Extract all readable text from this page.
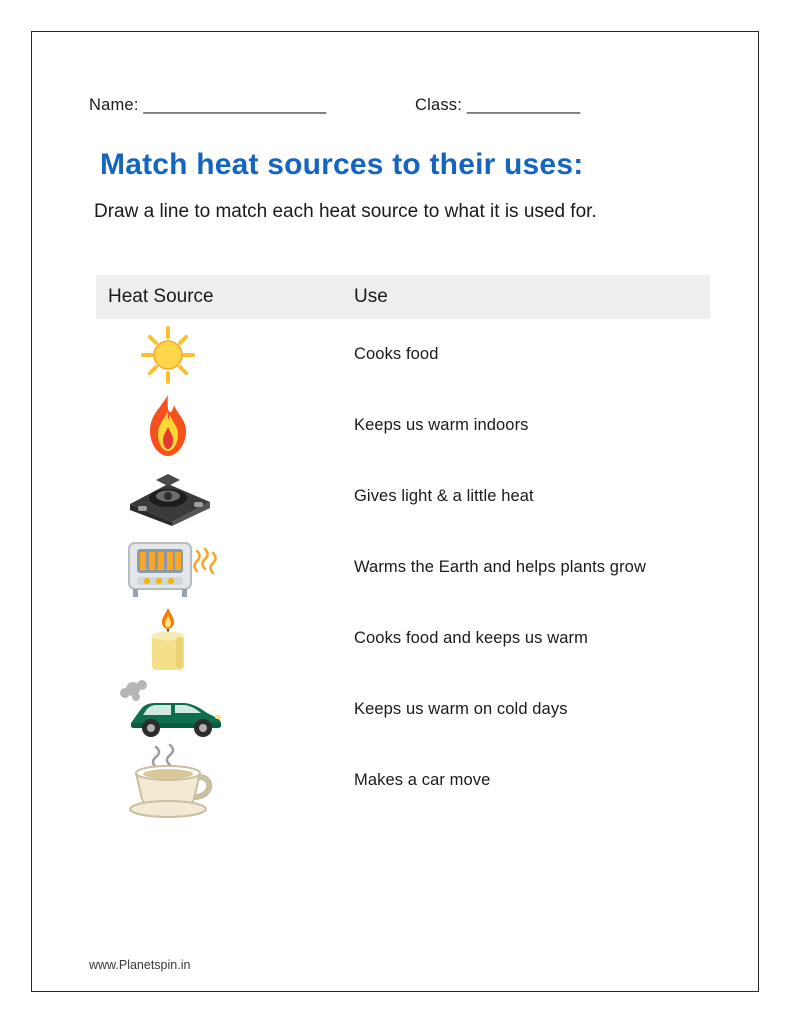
Name: _____________________	Class: _____________
Match heat sources to their uses:
Draw a line to match each heat source to what it is used for.
Heat Source	Use
Cooks food
Keeps us warm indoors
Gives light & a little heat
Warms the Earth and helps plants grow
Cooks food and keeps us warm
Keeps us warm on cold days
Makes a car move
www.Planetspin.in
